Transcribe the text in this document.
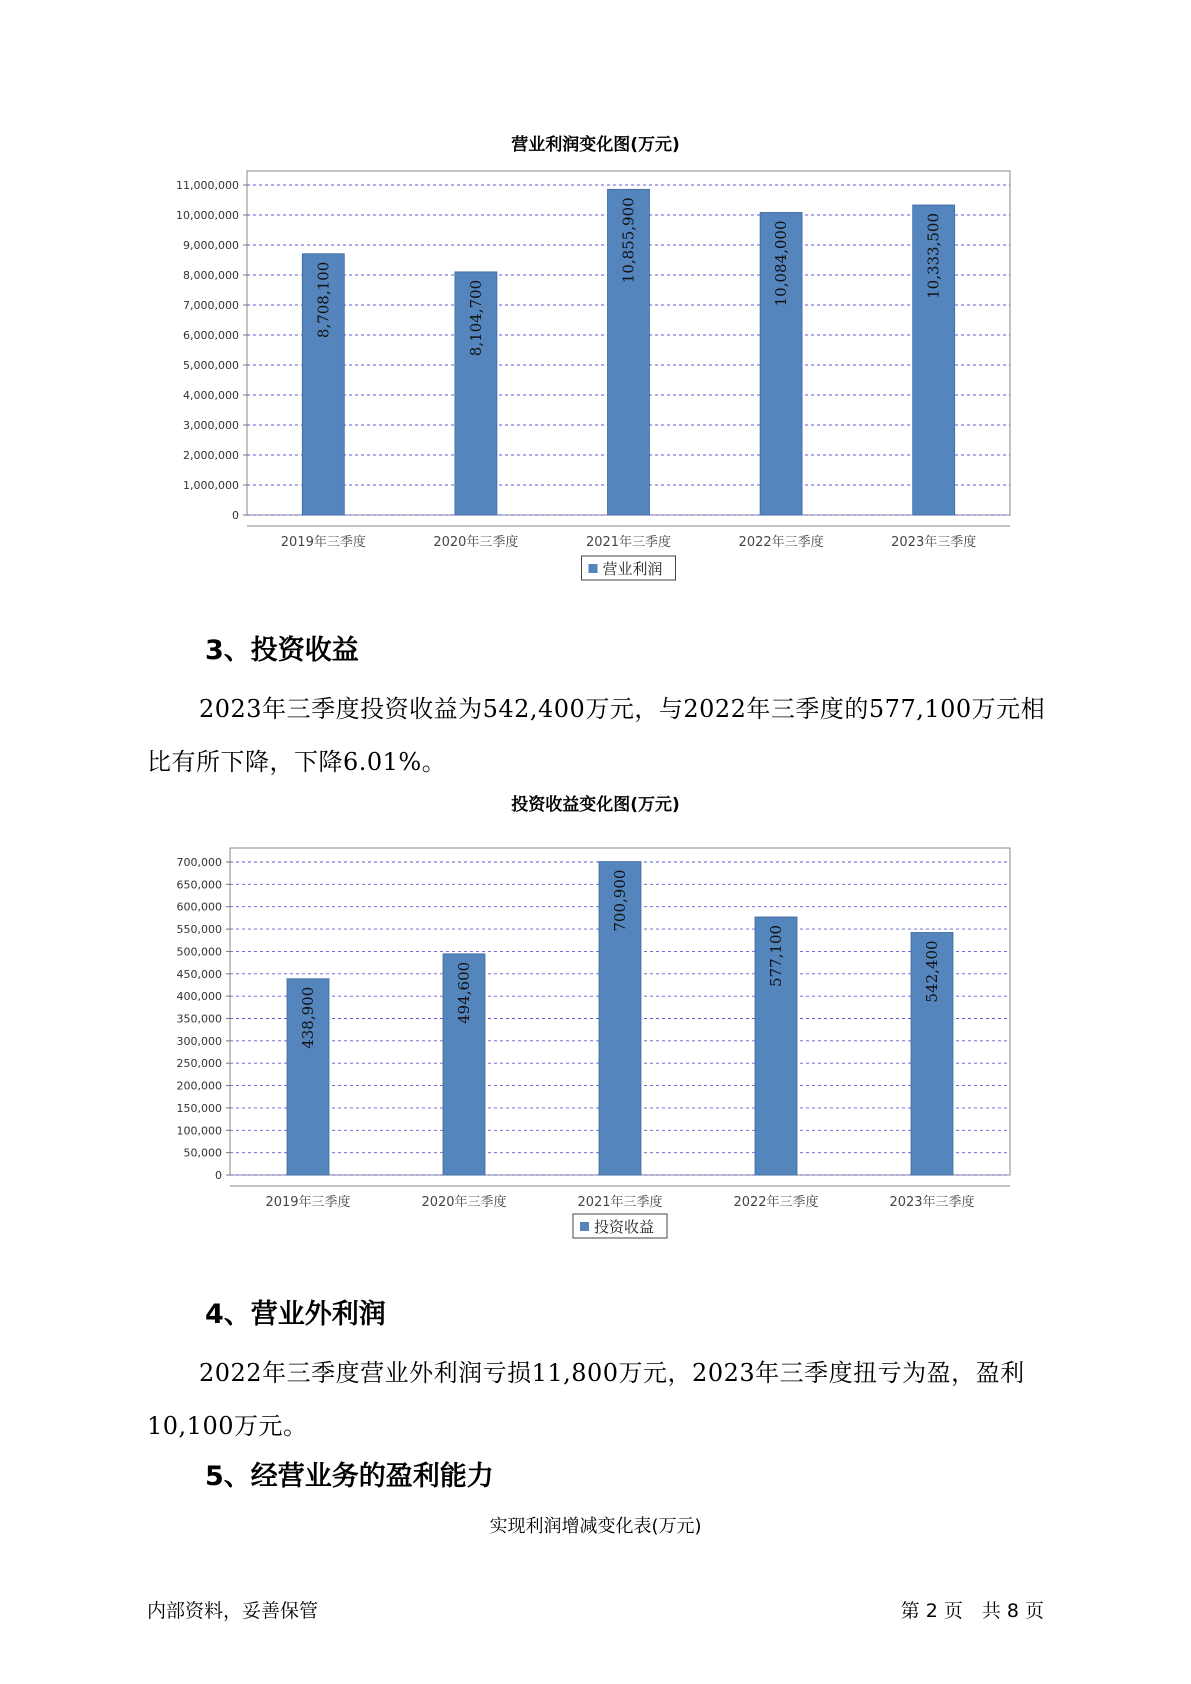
营业利润变化图(万元)
0
1,000,000
2,000,000
3,000,000
4,000,000
5,000,000
6,000,000
7,000,000
8,000,000
9,000,000
10,000,000
11,000,000
8,708,100
2019年三季度
8,104,700
2020年三季度
10,855,900
2021年三季度
10,084,000
2022年三季度
10,333,500
2023年三季度
营业利润
3、投资收益

2023年三季度投资收益为542,400万元，与2022年三季度的577,100万元相比有所下降，下降6.01%。

投资收益变化图(万元)
0
50,000
100,000
150,000
200,000
250,000
300,000
350,000
400,000
450,000
500,000
550,000
600,000
650,000
700,000
438,900
2019年三季度
494,600
2020年三季度
700,900
2021年三季度
577,100
2022年三季度
542,400
2023年三季度
投资收益
4、营业外利润

2022年三季度营业外利润亏损11,800万元，2023年三季度扭亏为盈，盈利10,100万元。

5、经营业务的盈利能力
实现利润增减变化表(万元)
内部资料，妥善保管	第 2 页　共 8 页
